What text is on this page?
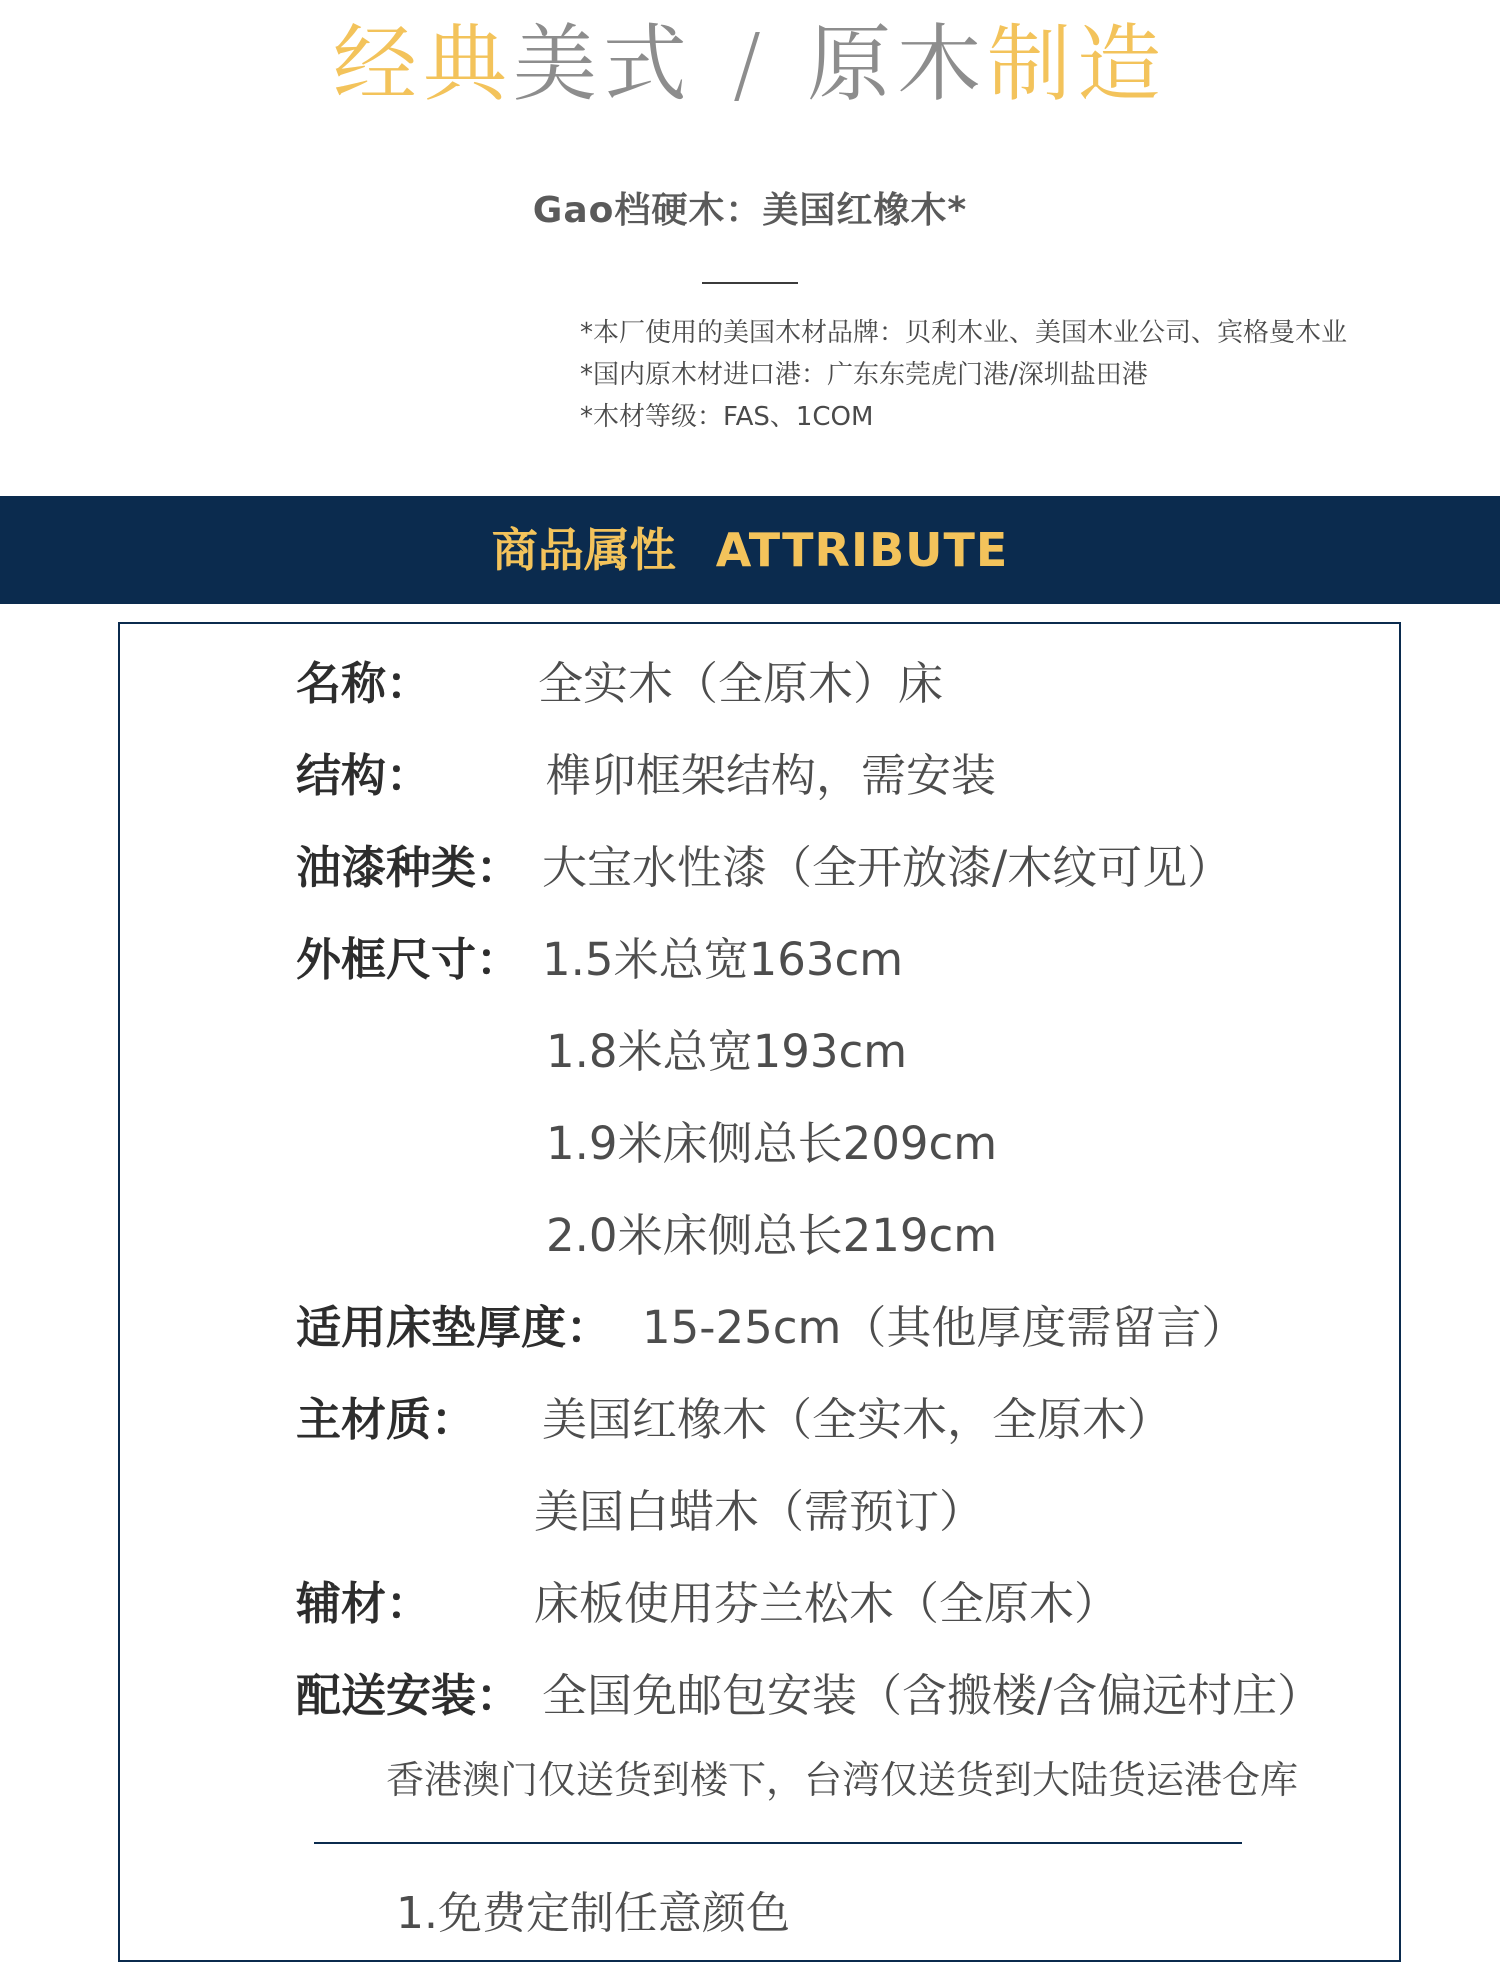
经典美式 / 原木制造
Gao档硬木：美国红橡木*
*本厂使用的美国木材品牌：贝利木业、美国木业公司、宾格曼木业
*国内原木材进口港：广东东莞虎门港/深圳盐田港
*木材等级：FAS、1COM
商品属性 ATTRIBUTE
名称： 全实木（全原木）床
结构：	榫卯框架结构，需安装
油漆种类： 大宝水性漆（全开放漆/木纹可见）
外框尺寸： 1.5米总宽163cm
1.8米总宽193cm
1.9米床侧总长209cm
2.0米床侧总长219cm
适用床垫厚度： 15-25cm（其他厚度需留言）
主材质： 美国红橡木（全实木，全原木）
美国白蜡木（需预订）
辅材： 床板使用芬兰松木（全原木）
配送安装： 全国免邮包安装（含搬楼/含偏远村庄）
香港澳门仅送货到楼下，台湾仅送货到大陆货运港仓库
1.免费定制任意颜色
